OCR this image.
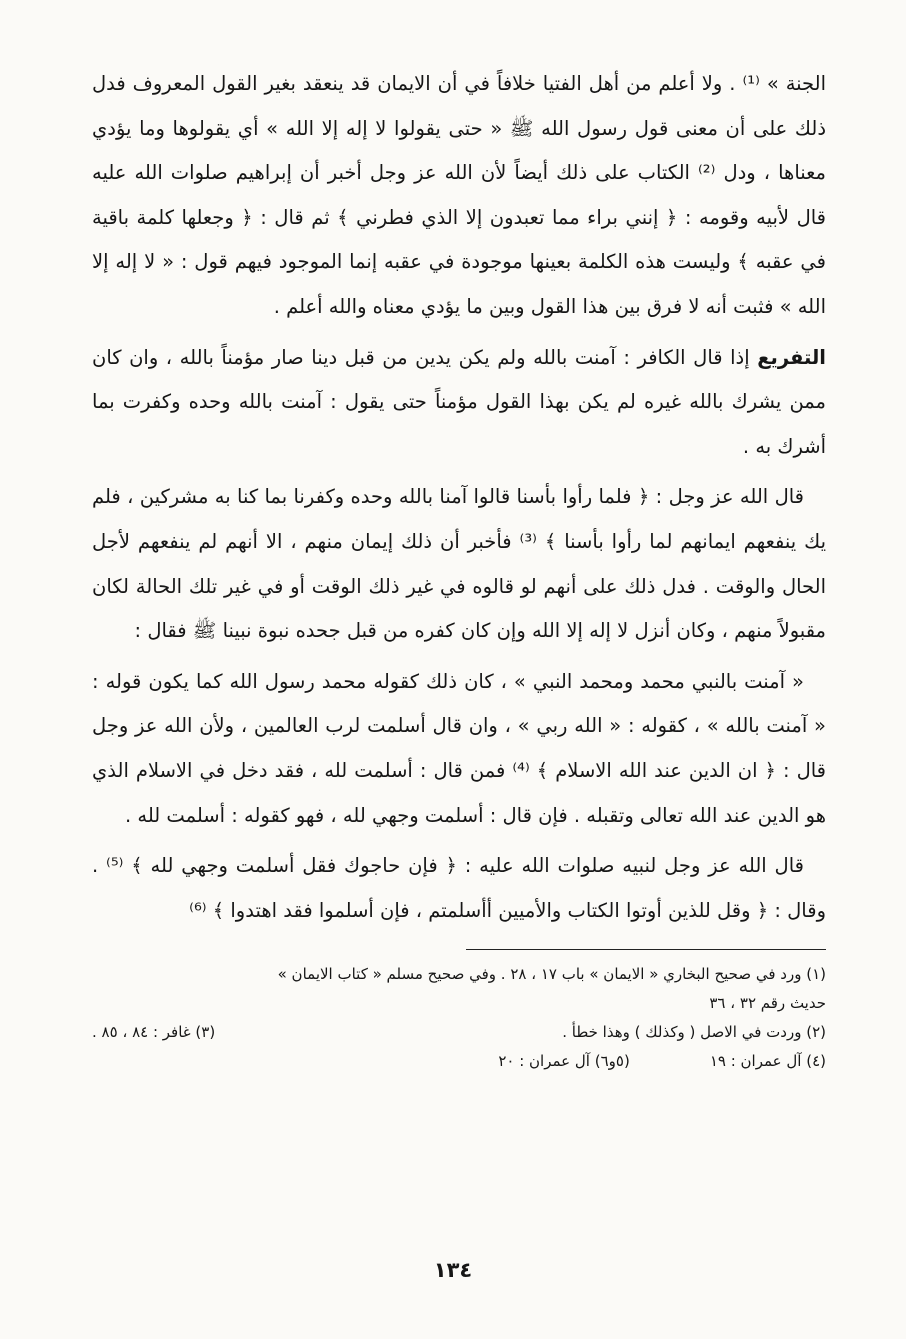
الجنة » ⁽¹⁾ . ولا أعلم من أهل الفتيا خلافاً في أن الايمان قد ينعقد بغير القول المعروف فدل ذلك على أن معنى قول رسول الله ﷺ « حتى يقولوا لا إله إلا الله » أي يقولوها وما يؤدي معناها ، ودل ⁽²⁾ الكتاب على ذلك أيضاً لأن الله عز وجل أخبر أن إبراهيم صلوات الله عليه قال لأبيه وقومه : ﴿ إنني براء مما تعبدون إلا الذي فطرني ﴾ ثم قال : ﴿ وجعلها كلمة باقية في عقبه ﴾ وليست هذه الكلمة بعينها موجودة في عقبه إنما الموجود فيهم قول : « لا إله إلا الله » فثبت أنه لا فرق بين هذا القول وبين ما يؤدي معناه والله أعلم .

التفريع إذا قال الكافر : آمنت بالله ولم يكن يدين من قبل دينا صار مؤمناً بالله ، وان كان ممن يشرك بالله غيره لم يكن بهذا القول مؤمناً حتى يقول : آمنت بالله وحده وكفرت بما أشرك به .

قال الله عز وجل : ﴿ فلما رأوا بأسنا قالوا آمنا بالله وحده وكفرنا بما كنا به مشركين ، فلم يك ينفعهم ايمانهم لما رأوا بأسنا ﴾ ⁽³⁾ فأخبر أن ذلك إيمان منهم ، الا أنهم لم ينفعهم لأجل الحال والوقت . فدل ذلك على أنهم لو قالوه في غير ذلك الوقت أو في غير تلك الحالة لكان مقبولاً منهم ، وكان أنزل لا إله إلا الله وإن كان كفره من قبل جحده نبوة نبينا ﷺ فقال :

« آمنت بالنبي محمد ومحمد النبي » ، كان ذلك كقوله محمد رسول الله كما يكون قوله : « آمنت بالله » ، كقوله : « الله ربي » ، وان قال أسلمت لرب العالمين ، ولأن الله عز وجل قال : ﴿ ان الدين عند الله الاسلام ﴾ ⁽⁴⁾ فمن قال : أسلمت لله ، فقد دخل في الاسلام الذي هو الدين عند الله تعالى وتقبله . فإن قال : أسلمت وجهي لله ، فهو كقوله : أسلمت لله .

قال الله عز وجل لنبيه صلوات الله عليه : ﴿ فإن حاجوك فقل أسلمت وجهي لله ﴾ ⁽⁵⁾ . وقال : ﴿ وقل للذين أوتوا الكتاب والأميين أأسلمتم ، فإن أسلموا فقد اهتدوا ﴾ ⁽⁶⁾

(١) ورد في صحيح البخاري « الايمان » باب ١٧ ، ٢٨ . وفي صحيح مسلم « كتاب الايمان »
حديث رقم ٣٢ ، ٣٦
(٢) وردت في الاصل ( وكذلك ) وهذا خطأ .
(٣) غافر : ٨٤ ، ٨٥ .
(٤) آل عمران : ١٩
(٥و٦) آل عمران : ٢٠
١٣٤
